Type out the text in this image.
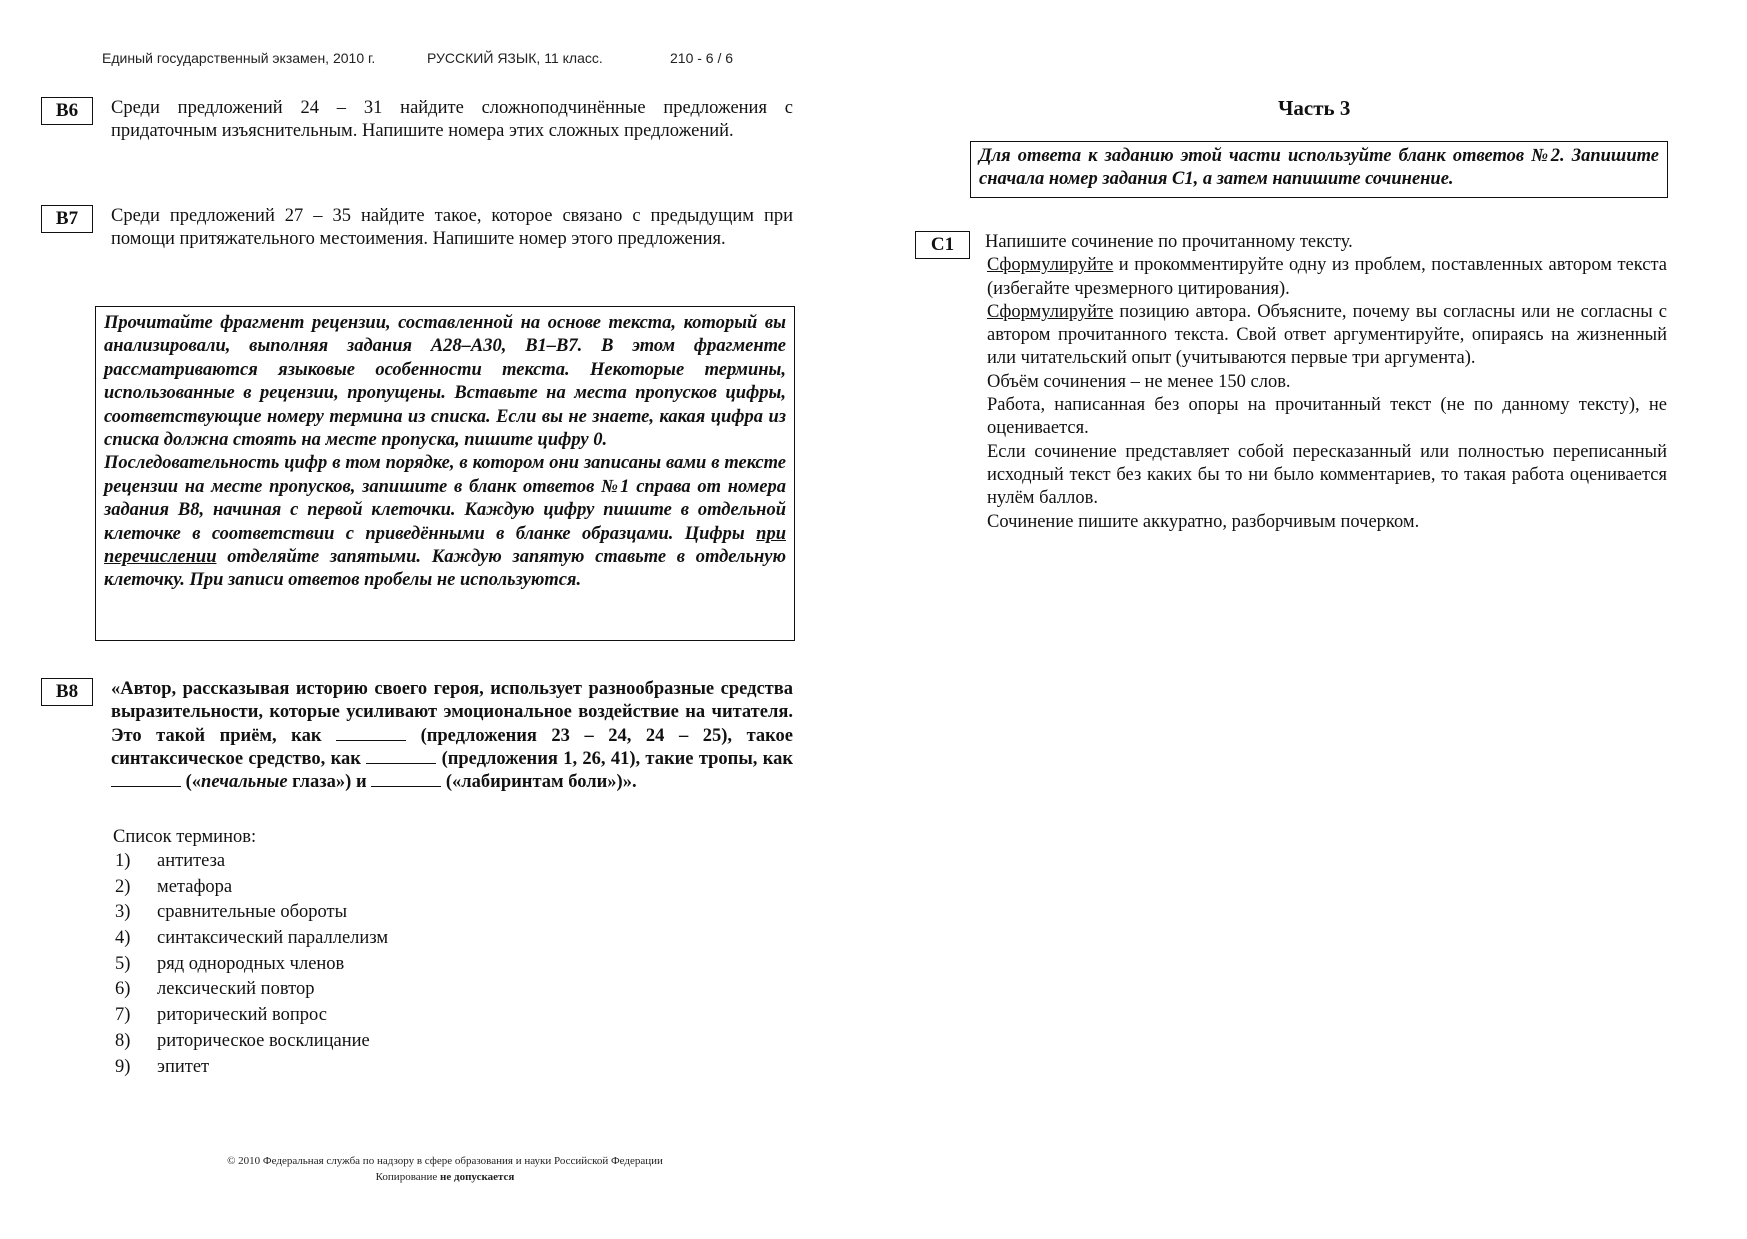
Единый государственный экзамен, 2010 г.	РУССКИЙ ЯЗЫК, 11 класс.	210 - 6 / 6
B6	Среди предложений 24 – 31 найдите сложноподчинённые предложения с придаточным изъяснительным. Напишите номера этих сложных предложений.

B7	Среди предложений 27 – 35 найдите такое, которое связано с предыдущим при помощи притяжательного местоимения. Напишите номер этого предложения.

Прочитайте фрагмент рецензии, составленной на основе текста, который вы анализировали, выполняя задания А28–А30, В1–В7. В этом фрагменте рассматриваются языковые особенности текста. Некоторые термины, использованные в рецензии, пропущены. Вставьте на места пропусков цифры, соответствующие номеру термина из списка. Если вы не знаете, какая цифра из списка должна стоять на месте пропуска, пишите цифру 0.

Последовательность цифр в том порядке, в котором они записаны вами в тексте рецензии на месте пропусков, запишите в бланк ответов №1 справа от номера задания В8, начиная с первой клеточки. Каждую цифру пишите в отдельной клеточке в соответствии с приведёнными в бланке образцами. Цифры при перечислении отделяйте запятыми. Каждую запятую ставьте в отдельную клеточку. При записи ответов пробелы не используются.

B8	«Автор, рассказывая историю своего героя, использует разнообразные средства выразительности, которые усиливают эмоциональное воздействие на читателя. Это такой приём, как	(предложения 23 – 24, 24 – 25), такое синтаксическое средство, как	(предложения 1, 26, 41), такие тропы, как  («печальные глаза») и	(«лабиринтам боли»)».

Список терминов:
1) антитеза
2) метафора
3) сравнительные обороты
4) синтаксический параллелизм
5) ряд однородных членов
6) лексический повтор
7) риторический вопрос
8) риторическое восклицание
9) эпитет
Часть 3

Для ответа к заданию этой части используйте бланк ответов №2. Запишите сначала номер задания С1, а затем напишите сочинение.

C1	Напишите сочинение по прочитанному тексту.

Сформулируйте и прокомментируйте одну из проблем, поставленных автором текста (избегайте чрезмерного цитирования).

Сформулируйте позицию автора. Объясните, почему вы согласны или не согласны с автором прочитанного текста. Свой ответ аргументируйте, опираясь на жизненный или читательский опыт (учитываются первые три аргумента).

Объём сочинения – не менее 150 слов.

Работа, написанная без опоры на прочитанный текст (не по данному тексту), не оценивается.

Если сочинение представляет собой пересказанный или полностью переписанный исходный текст без каких бы то ни было комментариев, то такая работа оценивается нулём баллов.

Сочинение пишите аккуратно, разборчивым почерком.

© 2010 Федеральная служба по надзору в сфере образования и науки Российской Федерации
Копирование не допускается
